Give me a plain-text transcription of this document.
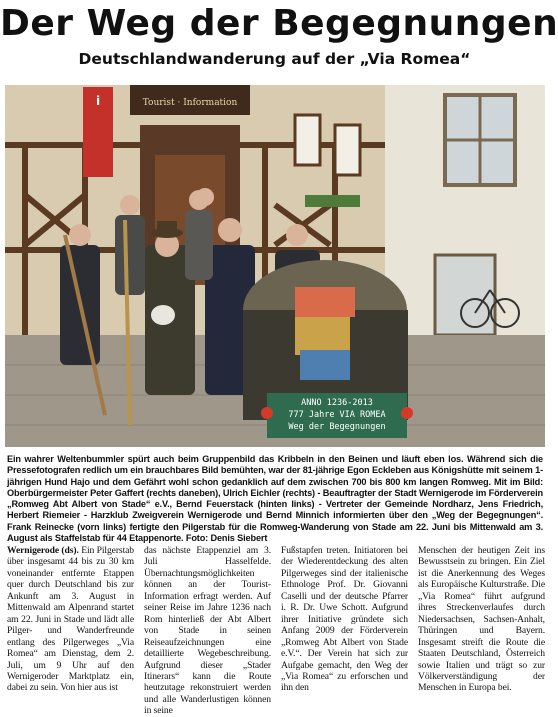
Der Weg der Begegnungen
Deutschlandwanderung auf der „Via Romea“
i	Tourist · Information
ANNO 1236-2013
777 Jahre VIA ROMEA
Weg der Begegnungen

Ein wahrer Weltenbummler spürt auch beim Gruppenbild das Kribbeln in den Beinen und läuft eben los. Während sich die Pressefotografen redlich um ein brauchbares Bild bemühten, war der 81-jährige Egon Eckleben aus Königshütte mit seinem 1-jährigen Hund Hajo und dem Gefährt wohl schon gedanklich auf dem zwischen 700 bis 800 km langen Romweg. Mit im Bild: Oberbürgermeister Peter Gaffert (rechts daneben), Ulrich Eichler (rechts) - Beauftragter der Stadt Wernigerode im Förderverein „Romweg Abt Albert von Stade“ e.V., Bernd Feuerstack (hinten links) - Vertreter der Gemeinde Nordharz, Jens Friedrich, Herbert Riemeier - Harzklub Zweigverein Wernigerode und Bernd Minnich informierten über den „Weg der Begegnungen“. Frank Reinecke (vorn links) fertigte den Pilgerstab für die Romweg-Wanderung von Stade am 22. Juni bis Mittenwald am 3. August als Staffelstab für 44 Etappenorte. Foto: Denis Siebert

Wernigerode (ds). Ein Pilgerstab über insgesamt 44 bis zu 30 km voneinander entfernte Etappen quer durch Deutschland bis zur Ankunft am 3. August in Mittenwald am Alpenrand startet am 22. Juni in Stade und lädt alle Pilger- und Wanderfreunde entlang des Pilgerweges „Via Romea“ am Dienstag, dem 2. Juli, um 9 Uhr auf den Wernigeroder Marktplatz ein, dabei zu sein. Von hier aus ist

das nächste Etappenziel am 3. Juli Hasselfelde. Übernachtungsmöglichkeiten können an der Tourist-Information erfragt werden. Auf seiner Reise im Jahre 1236 nach Rom hinterließ der Abt Albert von Stade in seinen Reiseaufzeichnungen eine detaillierte Wegebeschreibung. Aufgrund dieser „Stader Itinerars“ kann die Route heutzutage rekonstruiert werden und alle Wanderlustigen können in seine

Fußstapfen treten. Initiatoren bei der Wiederentdeckung des alten Pilgerweges sind der italienische Ethnologe Prof. Dr. Giovanni Caselli und der deutsche Pfarrer i. R. Dr. Uwe Schott. Aufgrund ihrer Initiative gründete sich Anfang 2009 der Förderverein „Romweg Abt Albert von Stade e.V.“. Der Verein hat sich zur Aufgabe gemacht, den Weg der „Via Romea“ zu erforschen und ihn den

Menschen der heutigen Zeit ins Bewusstsein zu bringen. Ein Ziel ist die Anerkennung des Weges als Europäische Kulturstraße. Die „Via Romea“ führt aufgrund ihres Streckenverlaufes durch Niedersachsen, Sachsen-Anhalt, Thüringen und Bayern. Insgesamt streift die Route die Staaten Deutschland, Österreich sowie Italien und trägt so zur Völkerverständigung der Menschen in Europa bei.
